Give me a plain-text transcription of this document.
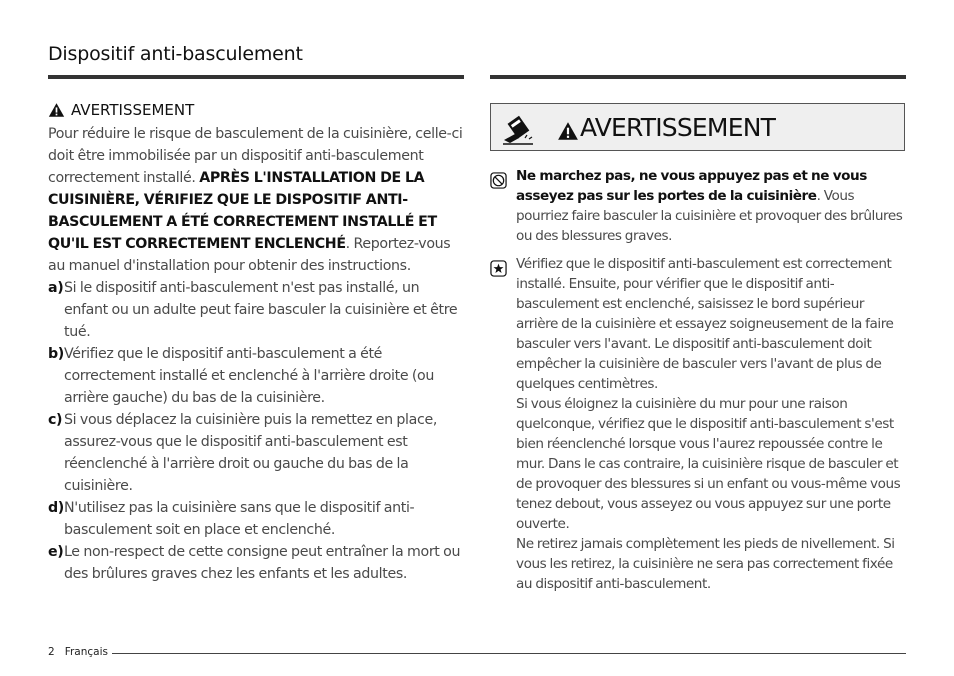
Dispositif anti-basculement
AVERTISSEMENT

Pour réduire le risque de basculement de la cuisinière, celle-ci doit être immobilisée par un dispositif anti-basculement correctement installé. APRÈS L'INSTALLATION DE LA CUISINIÈRE, VÉRIFIEZ QUE LE DISPOSITIF ANTI-BASCULEMENT A ÉTÉ CORRECTEMENT INSTALLÉ ET QU'IL EST CORRECTEMENT ENCLENCHÉ. Reportez-vous au manuel d'installation pour obtenir des instructions.

a) Si le dispositif anti-basculement n'est pas installé, un enfant ou un adulte peut faire basculer la cuisinière et être tué.
b) Vérifiez que le dispositif anti-basculement a été correctement installé et enclenché à l'arrière droite (ou arrière gauche) du bas de la cuisinière.
c) Si vous déplacez la cuisinière puis la remettez en place, assurez-vous que le dispositif anti-basculement est réenclenché à l'arrière droit ou gauche du bas de la cuisinière.
d) N'utilisez pas la cuisinière sans que le dispositif anti-basculement soit en place et enclenché.
e) Le non-respect de cette consigne peut entraîner la mort ou des brûlures graves chez les enfants et les adultes.
AVERTISSEMENT

Ne marchez pas, ne vous appuyez pas et ne vous asseyez pas sur les portes de la cuisinière. Vous pourriez faire basculer la cuisinière et provoquer des brûlures ou des blessures graves.

Vérifiez que le dispositif anti-basculement est correctement installé. Ensuite, pour vérifier que le dispositif anti-basculement est enclenché, saisissez le bord supérieur arrière de la cuisinière et essayez soigneusement de la faire basculer vers l'avant. Le dispositif anti-basculement doit empêcher la cuisinière de basculer vers l'avant de plus de quelques centimètres.

Si vous éloignez la cuisinière du mur pour une raison quelconque, vérifiez que le dispositif anti-basculement s'est bien réenclenché lorsque vous l'aurez repoussée contre le mur. Dans le cas contraire, la cuisinière risque de basculer et de provoquer des blessures si un enfant ou vous-même vous tenez debout, vous asseyez ou vous appuyez sur une porte ouverte.

Ne retirez jamais complètement les pieds de nivellement. Si vous les retirez, la cuisinière ne sera pas correctement fixée au dispositif anti-basculement.

2 Français
